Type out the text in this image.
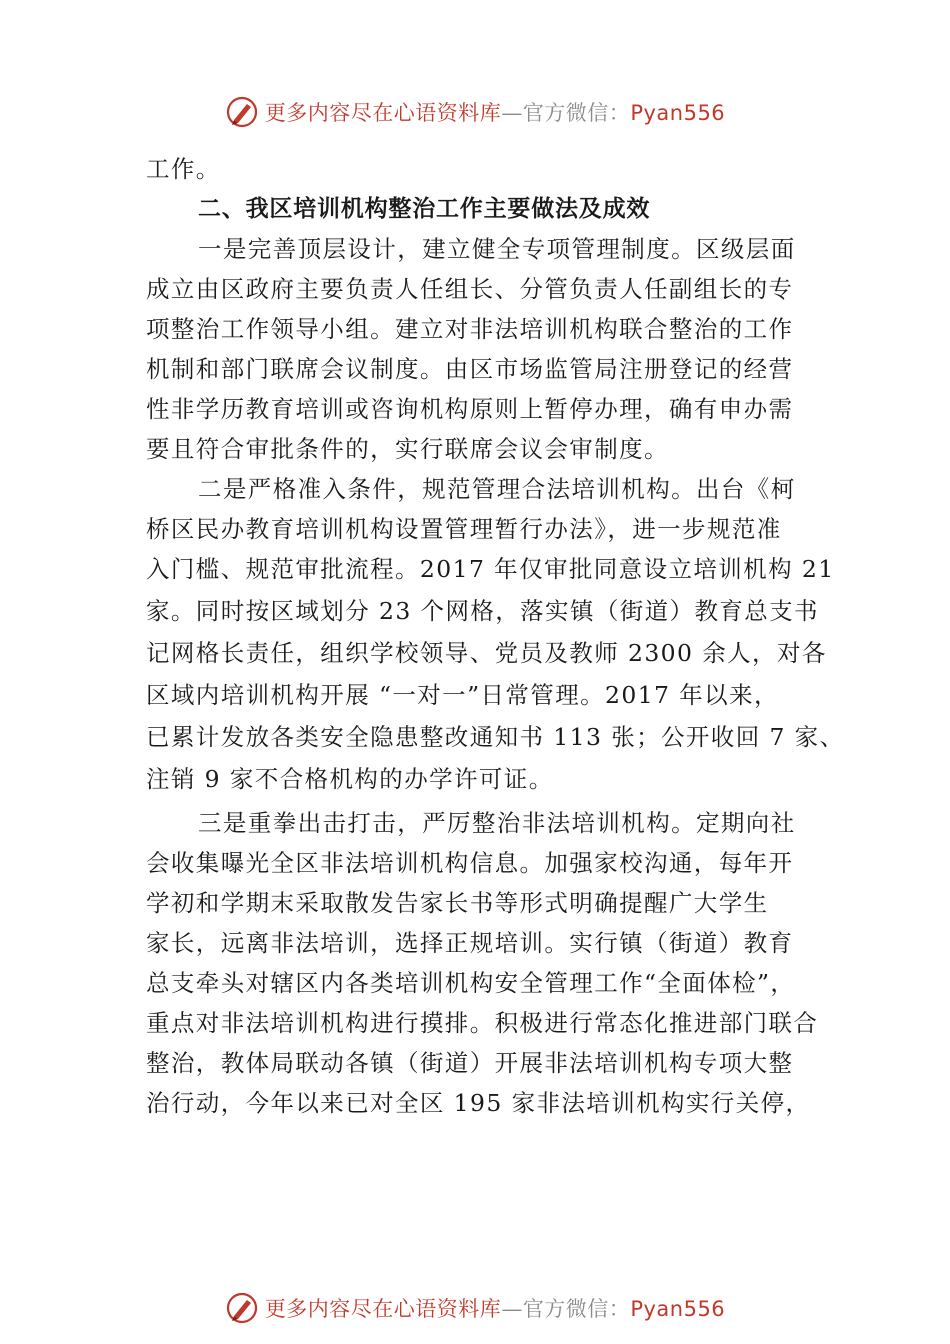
更多内容尽在心语资料库—官方微信：Pyan556
工作。
二、我区培训机构整治工作主要做法及成效
一是完善顶层设计，建立健全专项管理制度。区级层面
成立由区政府主要负责人任组长、分管负责人任副组长的专
项整治工作领导小组。建立对非法培训机构联合整治的工作
机制和部门联席会议制度。由区市场监管局注册登记的经营
性非学历教育培训或咨询机构原则上暂停办理，确有申办需
要且符合审批条件的，实行联席会议会审制度。
二是严格准入条件，规范管理合法培训机构。出台《柯
桥区民办教育培训机构设置管理暂行办法》，进一步规范准
入门槛、规范审批流程。2017 年仅审批同意设立培训机构 21
家。同时按区域划分 23 个网格，落实镇（街道）教育总支书
记网格长责任，组织学校领导、党员及教师 2300 余人，对各
区域内培训机构开展 “一对一”日常管理。2017 年以来，
已累计发放各类安全隐患整改通知书 113 张；公开收回 7 家、
注销 9 家不合格机构的办学许可证。
三是重拳出击打击，严厉整治非法培训机构。定期向社
会收集曝光全区非法培训机构信息。加强家校沟通，每年开
学初和学期末采取散发告家长书等形式明确提醒广大学生
家长，远离非法培训，选择正规培训。实行镇（街道）教育
总支牵头对辖区内各类培训机构安全管理工作“全面体检”，
重点对非法培训机构进行摸排。积极进行常态化推进部门联合
整治，教体局联动各镇（街道）开展非法培训机构专项大整
治行动，今年以来已对全区 195 家非法培训机构实行关停，
更多内容尽在心语资料库—官方微信：Pyan556
